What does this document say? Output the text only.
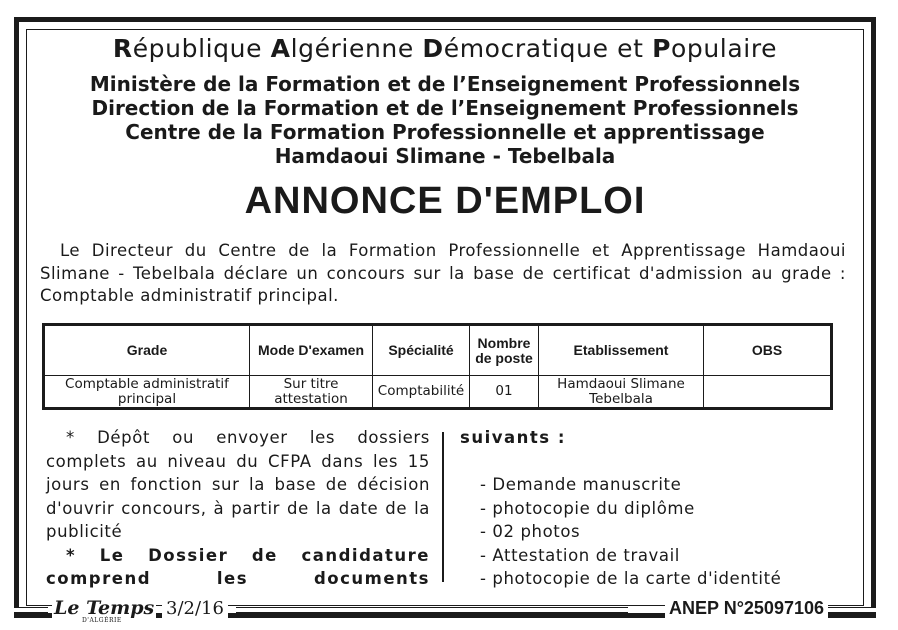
République Algérienne Démocratique et Populaire
Ministère de la Formation et de l’Enseignement Professionnels
Direction de la Formation et de l’Enseignement Professionnels
Centre de la Formation Professionnelle et apprentissage
Hamdaoui Slimane - Tebelbala
ANNONCE D'EMPLOI
Le Directeur du Centre de la Formation Professionnelle et Apprentissage Hamdaoui Slimane - Tebelbala déclare un concours sur la base de certificat d'admission au grade : Comptable administratif principal.
Grade	Mode D'examen	Spécialité	Nombre de poste	Etablissement	OBS
Comptable administratif principal	Sur titre attestation	Comptabilité	01	Hamdaoui Slimane Tebelbala	

* Dépôt ou envoyer les dossiers complets au niveau du CFPA dans les 15 jours en fonction sur la base de décision d'ouvrir concours, à partir de la date de la publicité

* Le Dossier de candidature comprend les documents

suivants :
- Demande manuscrite
- photocopie du diplôme
- 02 photos
- Attestation de travail
- photocopie de la carte d'identité
Le Temps
D'ALGÉRIE
3/2/16	ANEP N°25097106
